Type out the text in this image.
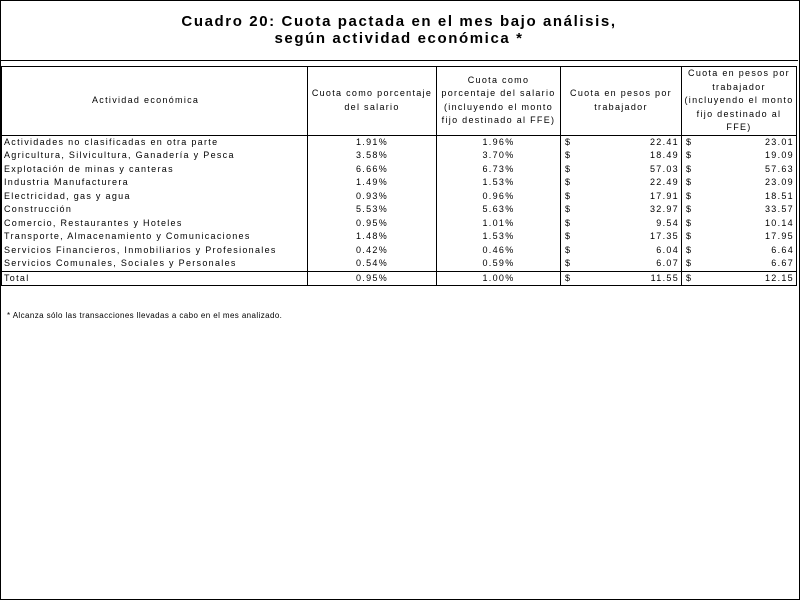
Cuadro 20: Cuota pactada en el mes bajo análisis,
según actividad económica *
Actividad económica	Cuota como porcentaje del salario	Cuota como porcentaje del salario (incluyendo el monto fijo destinado al FFE)	Cuota en pesos por trabajador	Cuota en pesos por trabajador (incluyendo el monto fijo destinado al FFE)
Actividades no clasificadas en otra parte	1.91%	1.96%	$ 22.41	$ 23.01
Agricultura, Silvicultura, Ganadería y Pesca	3.58%	3.70%	$ 18.49	$ 19.09
Explotación de minas y canteras	6.66%	6.73%	$ 57.03	$ 57.63
Industria Manufacturera	1.49%	1.53%	$ 22.49	$ 23.09
Electricidad, gas y agua	0.93%	0.96%	$ 17.91	$ 18.51
Construcción	5.53%	5.63%	$ 32.97	$ 33.57
Comercio, Restaurantes y Hoteles	0.95%	1.01%	$ 9.54	$ 10.14
Transporte, Almacenamiento y Comunicaciones	1.48%	1.53%	$ 17.35	$ 17.95
Servicios Financieros, Inmobiliarios y Profesionales	0.42%	0.46%	$ 6.04	$ 6.64
Servicios Comunales, Sociales y Personales	0.54%	0.59%	$ 6.07	$ 6.67
Total	0.95%	1.00%	$ 11.55	$ 12.15
* Alcanza sólo las transacciones llevadas a cabo en el mes analizado.
